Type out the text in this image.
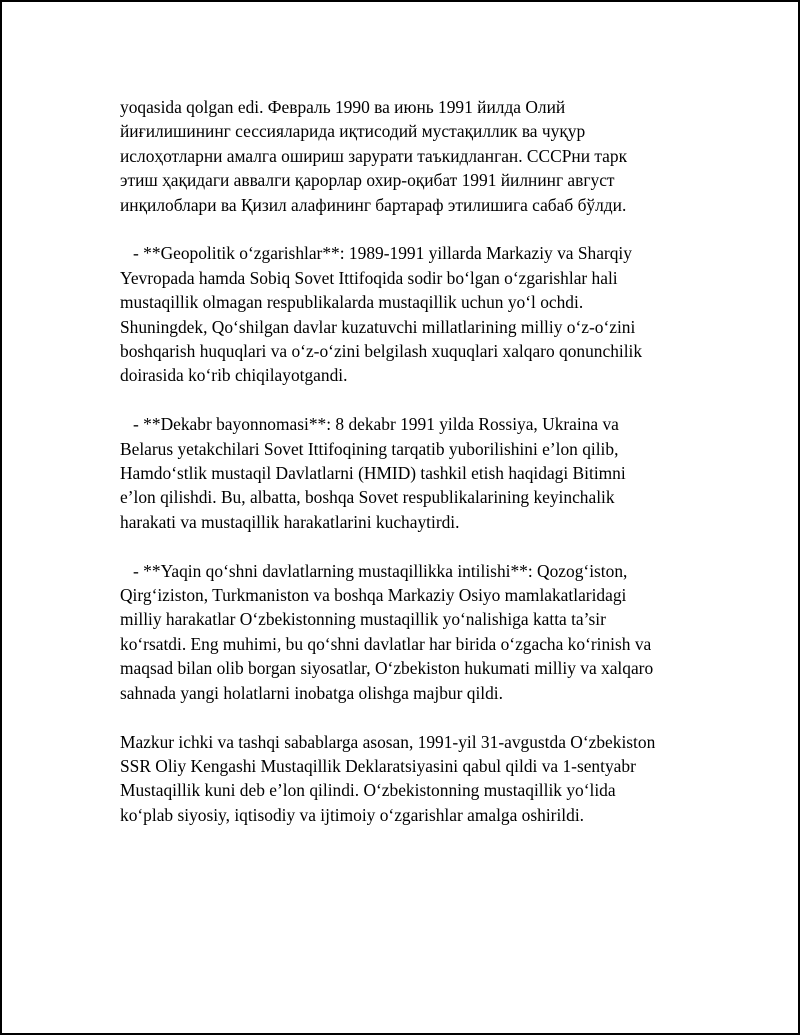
yoqasida qolgan edi. Февраль 1990 ва июнь 1991 йилда Олий
йиғилишининг сессияларида иқтисодий мустақиллик ва чуқур
ислоҳотларни амалга ошириш зарурати таъкидланган. СССРни тарк
этиш ҳақидаги аввалги қарорлар охир-оқибат 1991 йилнинг август
инқилоблари ва Қизил алафининг бартараф этилишига сабаб бўлди.

- **Geopolitik oʻzgarishlar**: 1989-1991 yillarda Markaziy va Sharqiy
Yevropada hamda Sobiq Sovet Ittifoqida sodir boʻlgan oʻzgarishlar hali
mustaqillik olmagan respublikalarda mustaqillik uchun yoʻl ochdi.
Shuningdek, Qoʻshilgan davlar kuzatuvchi millatlarining milliy oʻz-oʻzini
boshqarish huquqlari va oʻz-oʻzini belgilash xuquqlari xalqaro qonunchilik
doirasida koʻrib chiqilayotgandi.

- **Dekabr bayonnomasi**: 8 dekabr 1991 yilda Rossiya, Ukraina va
Belarus yetakchilari Sovet Ittifoqining tarqatib yuborilishini e’lon qilib,
Hamdoʻstlik mustaqil Davlatlarni (HMID) tashkil etish haqidagi Bitimni
e’lon qilishdi. Bu, albatta, boshqa Sovet respublikalarining keyinchalik
harakati va mustaqillik harakatlarini kuchaytirdi.

- **Yaqin qoʻshni davlatlarning mustaqillikka intilishi**: Qozogʻiston,
Qirgʻiziston, Turkmaniston va boshqa Markaziy Osiyo mamlakatlaridagi
milliy harakatlar Oʻzbekistonning mustaqillik yoʻnalishiga katta ta’sir
koʻrsatdi. Eng muhimi, bu qoʻshni davlatlar har birida oʻzgacha koʻrinish va
maqsad bilan olib borgan siyosatlar, Oʻzbekiston hukumati milliy va xalqaro
sahnada yangi holatlarni inobatga olishga majbur qildi.

Mazkur ichki va tashqi sabablarga asosan, 1991-yil 31-avgustda Oʻzbekiston
SSR Oliy Kengashi Mustaqillik Deklaratsiyasini qabul qildi va 1-sentyabr
Mustaqillik kuni deb e’lon qilindi. Oʻzbekistonning mustaqillik yoʻlida
koʻplab siyosiy, iqtisodiy va ijtimoiy oʻzgarishlar amalga oshirildi.
